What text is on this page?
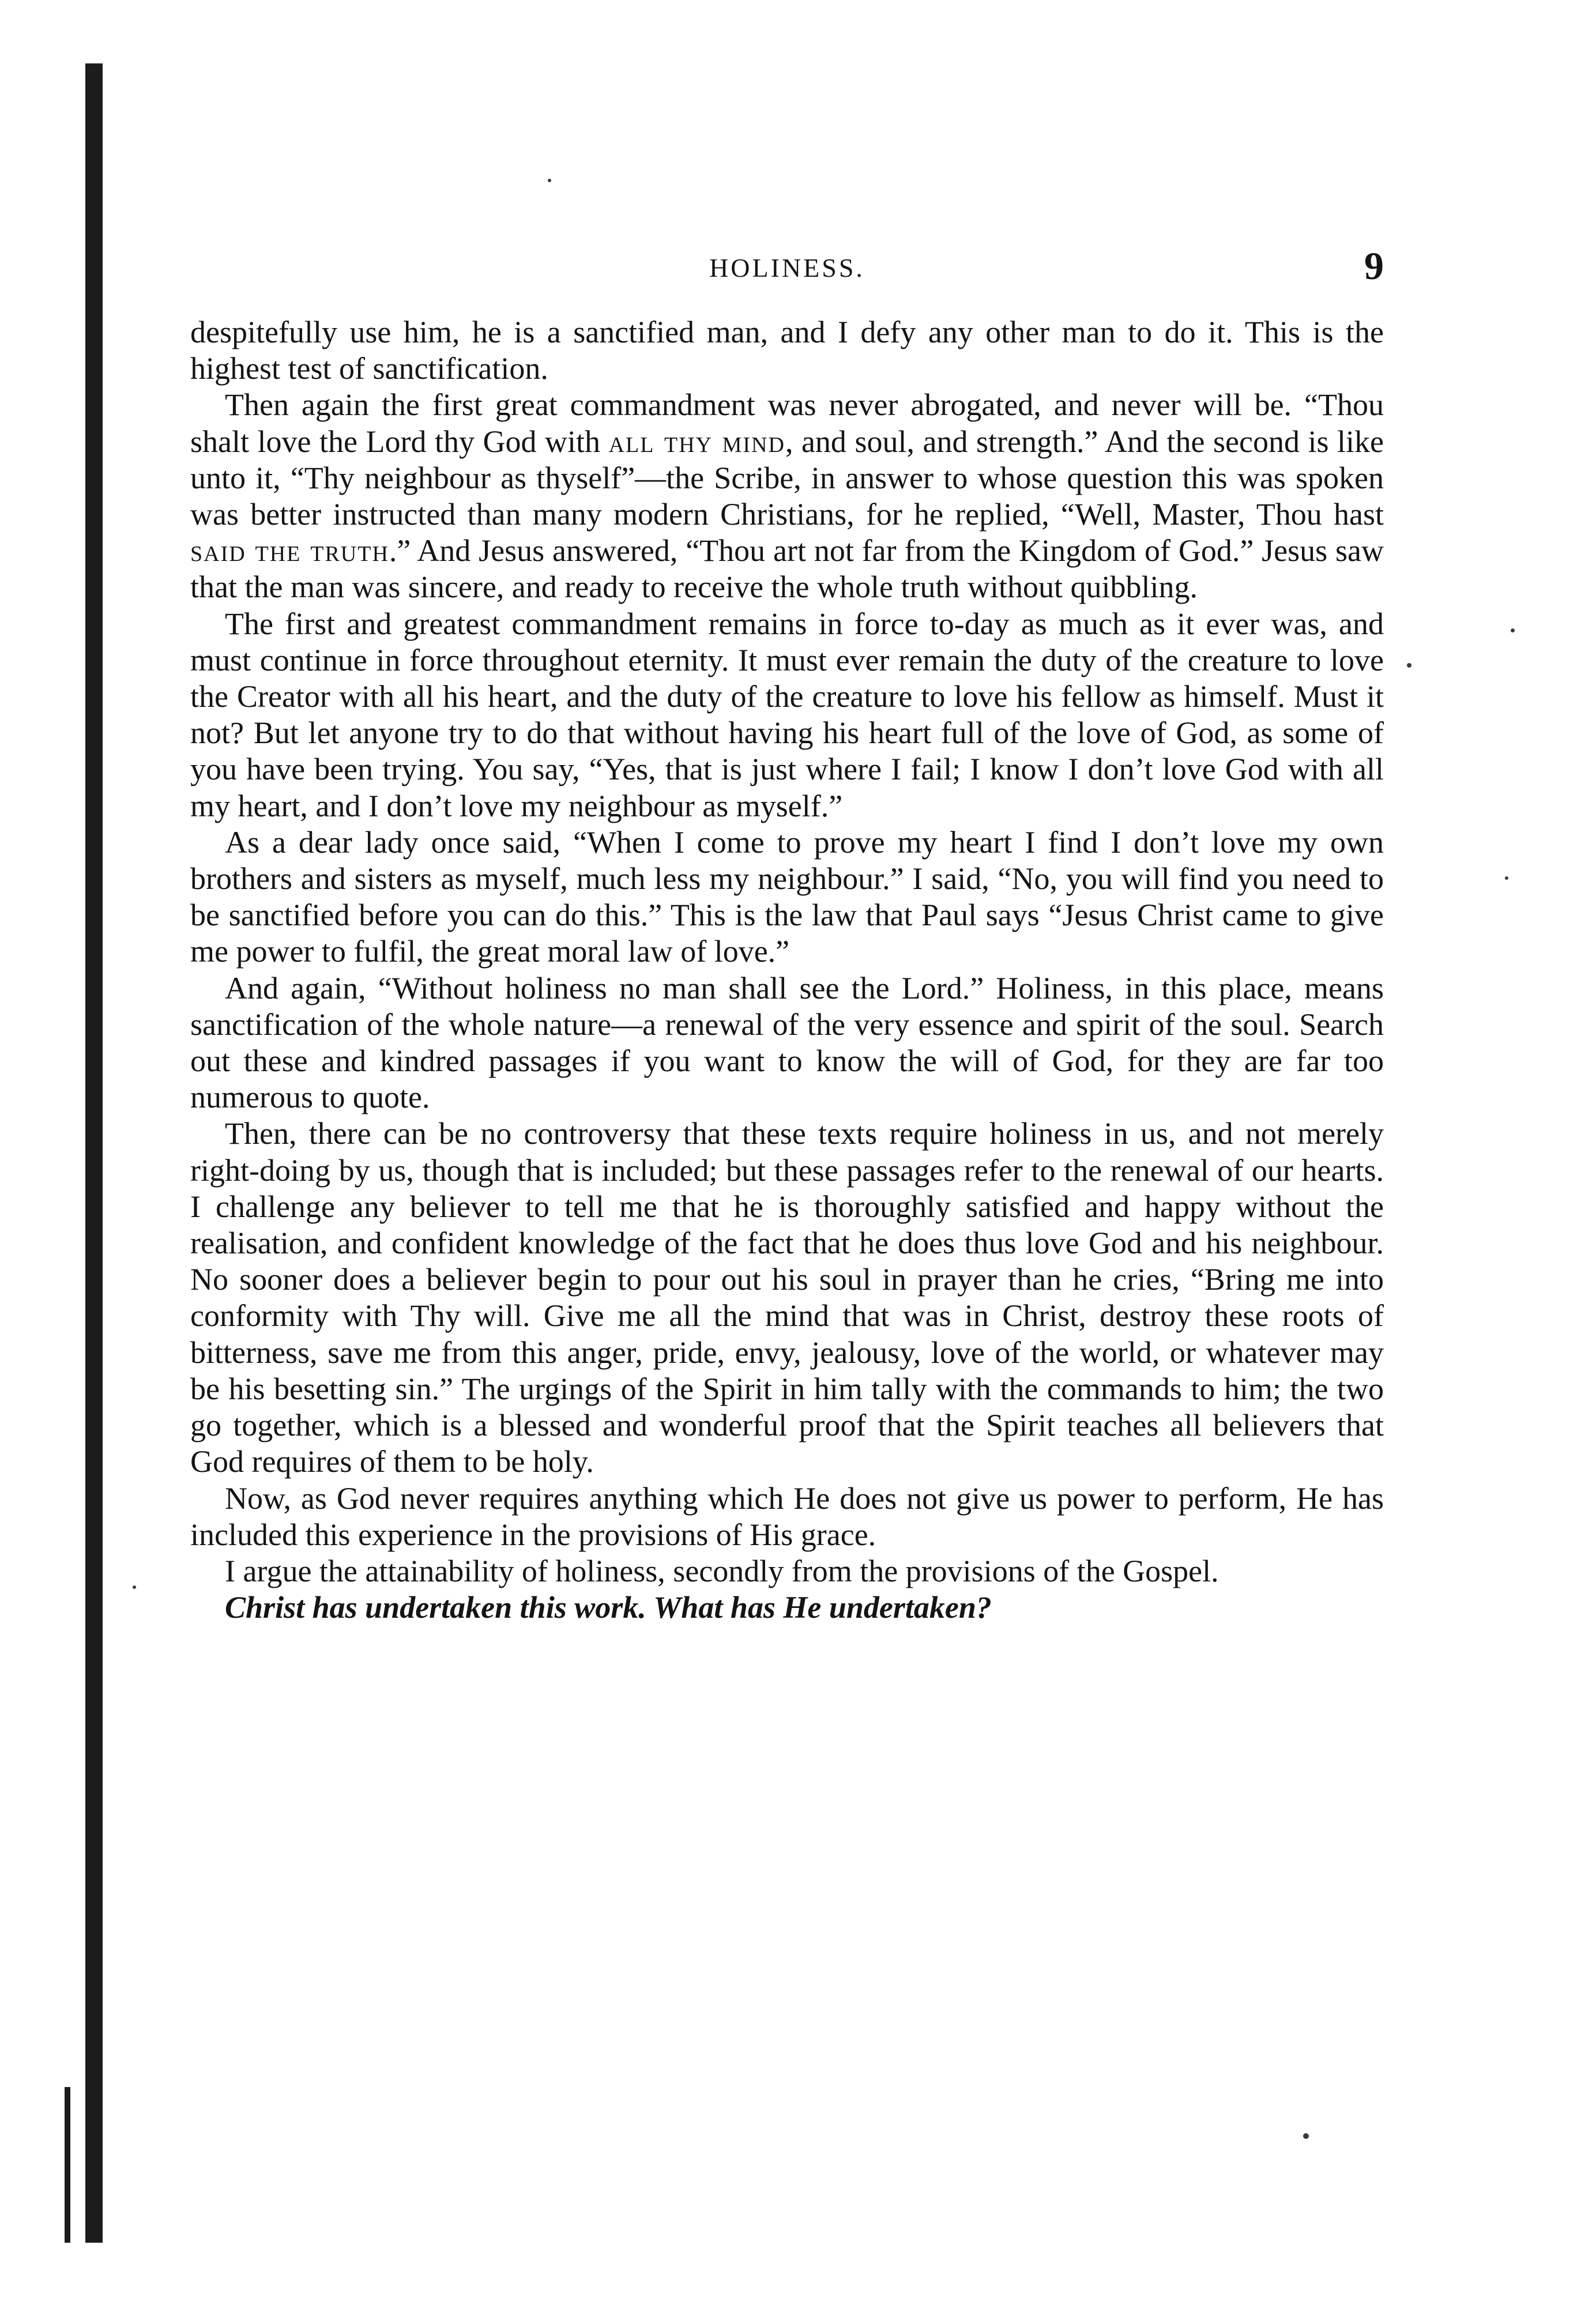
HOLINESS.	9

despitefully use him, he is a sanctified man, and I defy any other man to do it. This is the highest test of sanctification.

Then again the first great commandment was never abrogated, and never will be. “Thou shalt love the Lord thy God with all thy mind, and soul, and strength.” And the second is like unto it, “Thy neighbour as thyself”—the Scribe, in answer to whose question this was spoken was better instructed than many modern Christians, for he replied, “Well, Master, Thou hast said the truth.” And Jesus answered, “Thou art not far from the Kingdom of God.” Jesus saw that the man was sincere, and ready to receive the whole truth without quibbling.

The first and greatest commandment remains in force to-day as much as it ever was, and must continue in force throughout eternity. It must ever remain the duty of the creature to love the Creator with all his heart, and the duty of the creature to love his fellow as himself. Must it not? But let anyone try to do that without having his heart full of the love of God, as some of you have been trying. You say, “Yes, that is just where I fail; I know I don’t love God with all my heart, and I don’t love my neighbour as myself.”

As a dear lady once said, “When I come to prove my heart I find I don’t love my own brothers and sisters as myself, much less my neighbour.” I said, “No, you will find you need to be sanctified before you can do this.” This is the law that Paul says “Jesus Christ came to give me power to fulfil, the great moral law of love.”

And again, “Without holiness no man shall see the Lord.” Holiness, in this place, means sanctification of the whole nature—a renewal of the very essence and spirit of the soul. Search out these and kindred passages if you want to know the will of God, for they are far too numerous to quote.

Then, there can be no controversy that these texts require holiness in us, and not merely right-doing by us, though that is included; but these passages refer to the renewal of our hearts. I challenge any believer to tell me that he is thoroughly satisfied and happy without the realisation, and confident knowledge of the fact that he does thus love God and his neighbour. No sooner does a believer begin to pour out his soul in prayer than he cries, “Bring me into conformity with Thy will. Give me all the mind that was in Christ, destroy these roots of bitterness, save me from this anger, pride, envy, jealousy, love of the world, or whatever may be his besetting sin.” The urgings of the Spirit in him tally with the commands to him; the two go together, which is a blessed and wonderful proof that the Spirit teaches all believers that God requires of them to be holy.

Now, as God never requires anything which He does not give us power to perform, He has included this experience in the provisions of His grace.

I argue the attainability of holiness, secondly from the provisions of the Gospel.

Christ has undertaken this work. What has He undertaken?
